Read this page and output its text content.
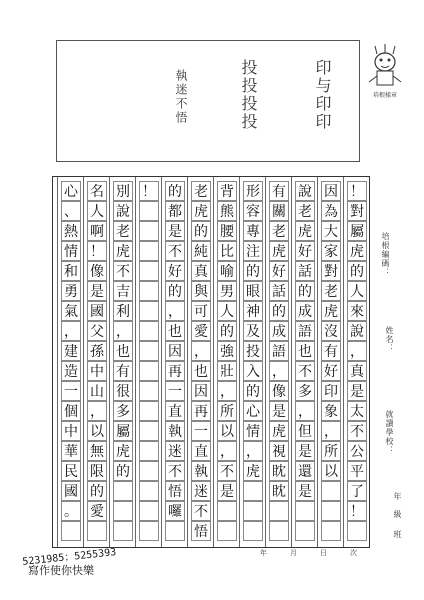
印与印印
投投投投
執迷不悟	培根樣章
培根編碼：
姓名：
就讀學校：
年　級
班
！
對
屬
虎
的
人
來
說
，
真
是
太
不
公
平
了
！
因
為
大
家
對
老
虎
沒
有
好
印
象
，
所
以
說
老
虎
好
話
的
成
語
也
不
多
，
但
是
還
是
有
關
老
虎
好
話
的
成
語
，
像
是
虎
視
眈
眈
形
容
專
注
的
眼
神
及
投
入
的
心
情
，
虎
背
熊
腰
比
喻
男
人
的
強
壯
，
所
以
，
不
是
老
虎
的
純
真
與
可
愛
，
也
因
再
一
直
執
迷
不
悟
的
都
是
不
好
的
，
也
因
再
一
直
執
迷
不
悟
囉
！
別
說
老
虎
不
吉
利
，
也
有
很
多
屬
虎
的
名
人
啊
！
像
是
國
父
孫
中
山
，
以
無
限
的
愛
心
、
熱
情
和
勇
氣
，
建
造
一
個
中
華
民
國
。
5231985；5255393
寫作使你快樂
年	月	日	次
